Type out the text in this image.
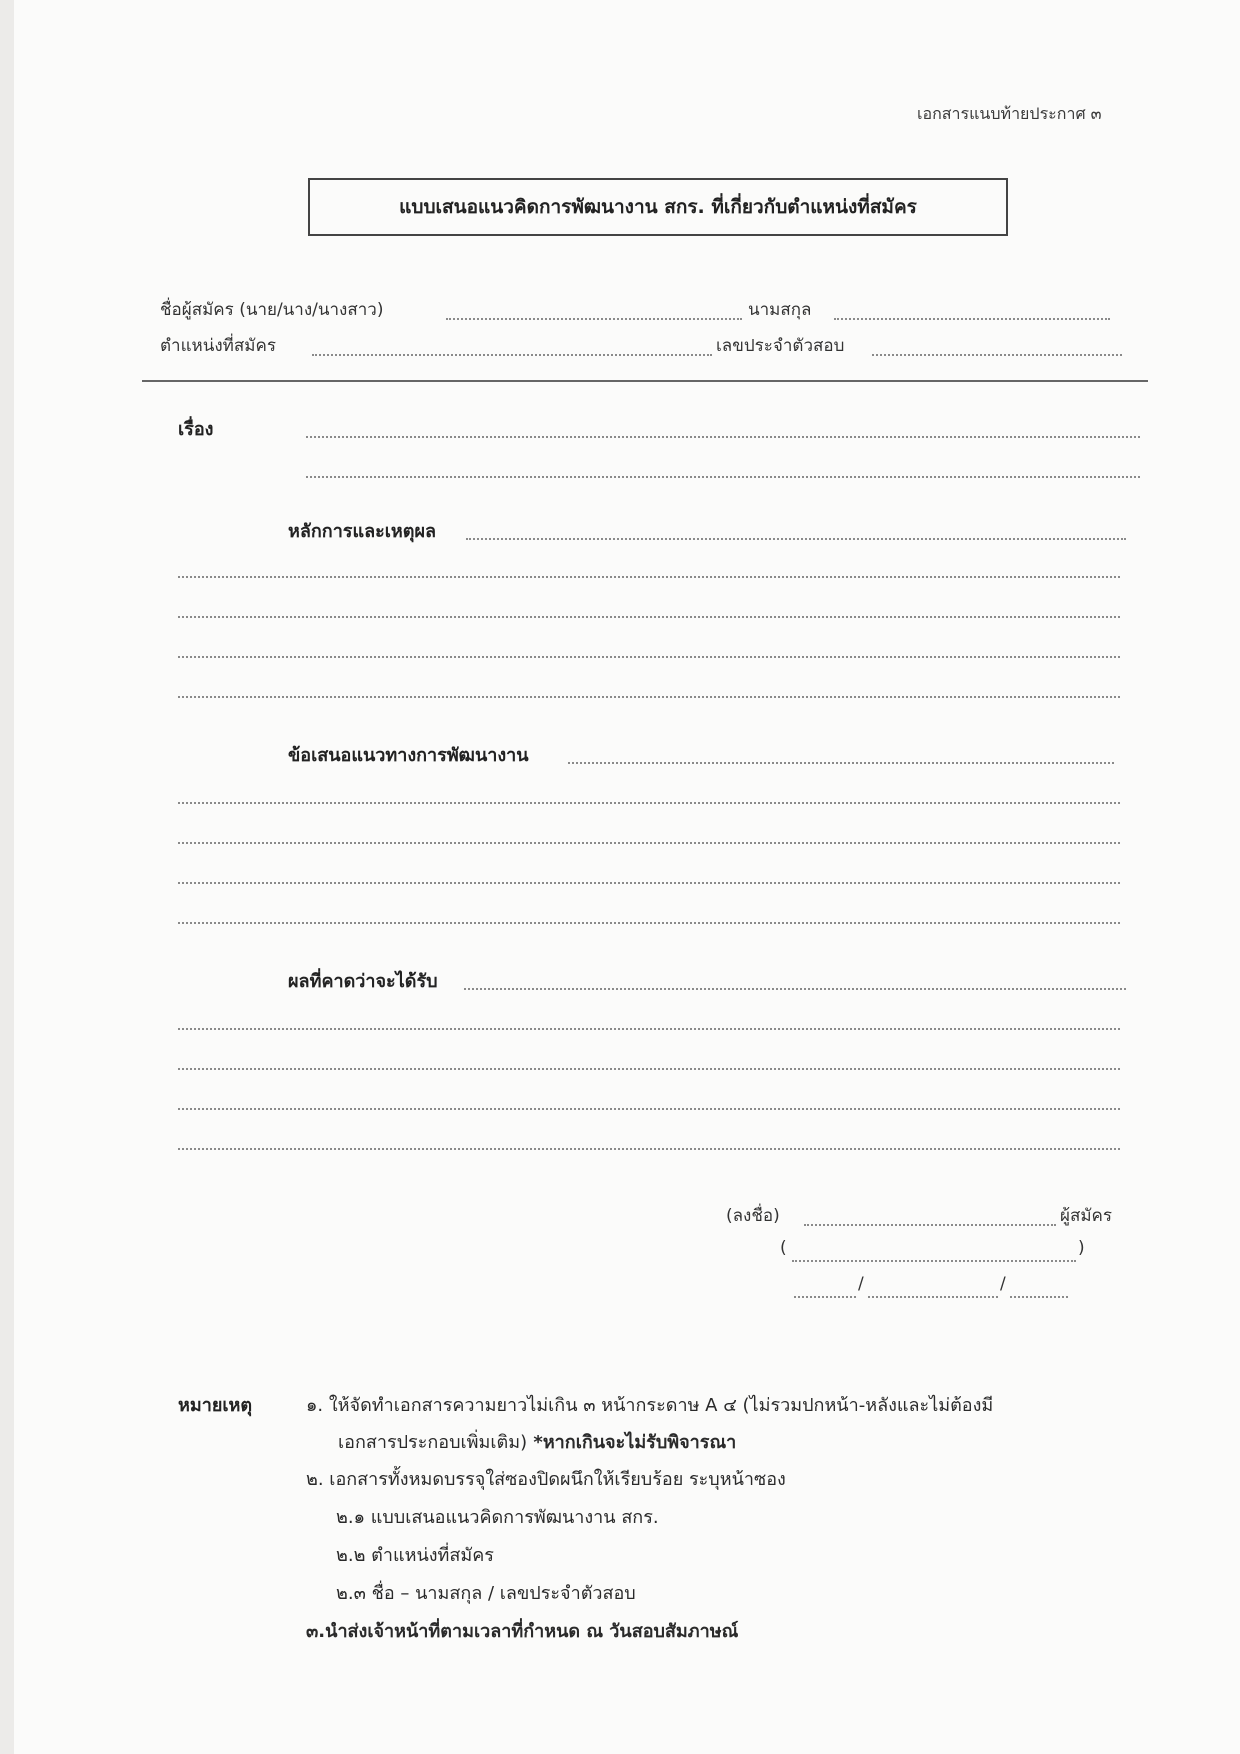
เอกสารแนบท้ายประกาศ ๓
แบบเสนอแนวคิดการพัฒนางาน สกร. ที่เกี่ยวกับตำแหน่งที่สมัคร
ชื่อผู้สมัคร (นาย/นาง/นางสาว)	นามสกุล
ตำแหน่งที่สมัคร	เลขประจำตัวสอบ
เรื่อง
หลักการและเหตุผล
ข้อเสนอแนวทางการพัฒนางาน
ผลที่คาดว่าจะได้รับ
(ลงชื่อ)	ผู้สมัคร
(	)
/	/
หมายเหตุ	๑. ให้จัดทำเอกสารความยาวไม่เกิน ๓ หน้ากระดาษ A ๔ (ไม่รวมปกหน้า-หลังและไม่ต้องมี
เอกสารประกอบเพิ่มเติม) *หากเกินจะไม่รับพิจารณา
๒. เอกสารทั้งหมดบรรจุใส่ซองปิดผนึกให้เรียบร้อย ระบุหน้าซอง
๒.๑ แบบเสนอแนวคิดการพัฒนางาน สกร.
๒.๒ ตำแหน่งที่สมัคร
๒.๓ ชื่อ – นามสกุล / เลขประจำตัวสอบ
๓.นำส่งเจ้าหน้าที่ตามเวลาที่กำหนด ณ วันสอบสัมภาษณ์
